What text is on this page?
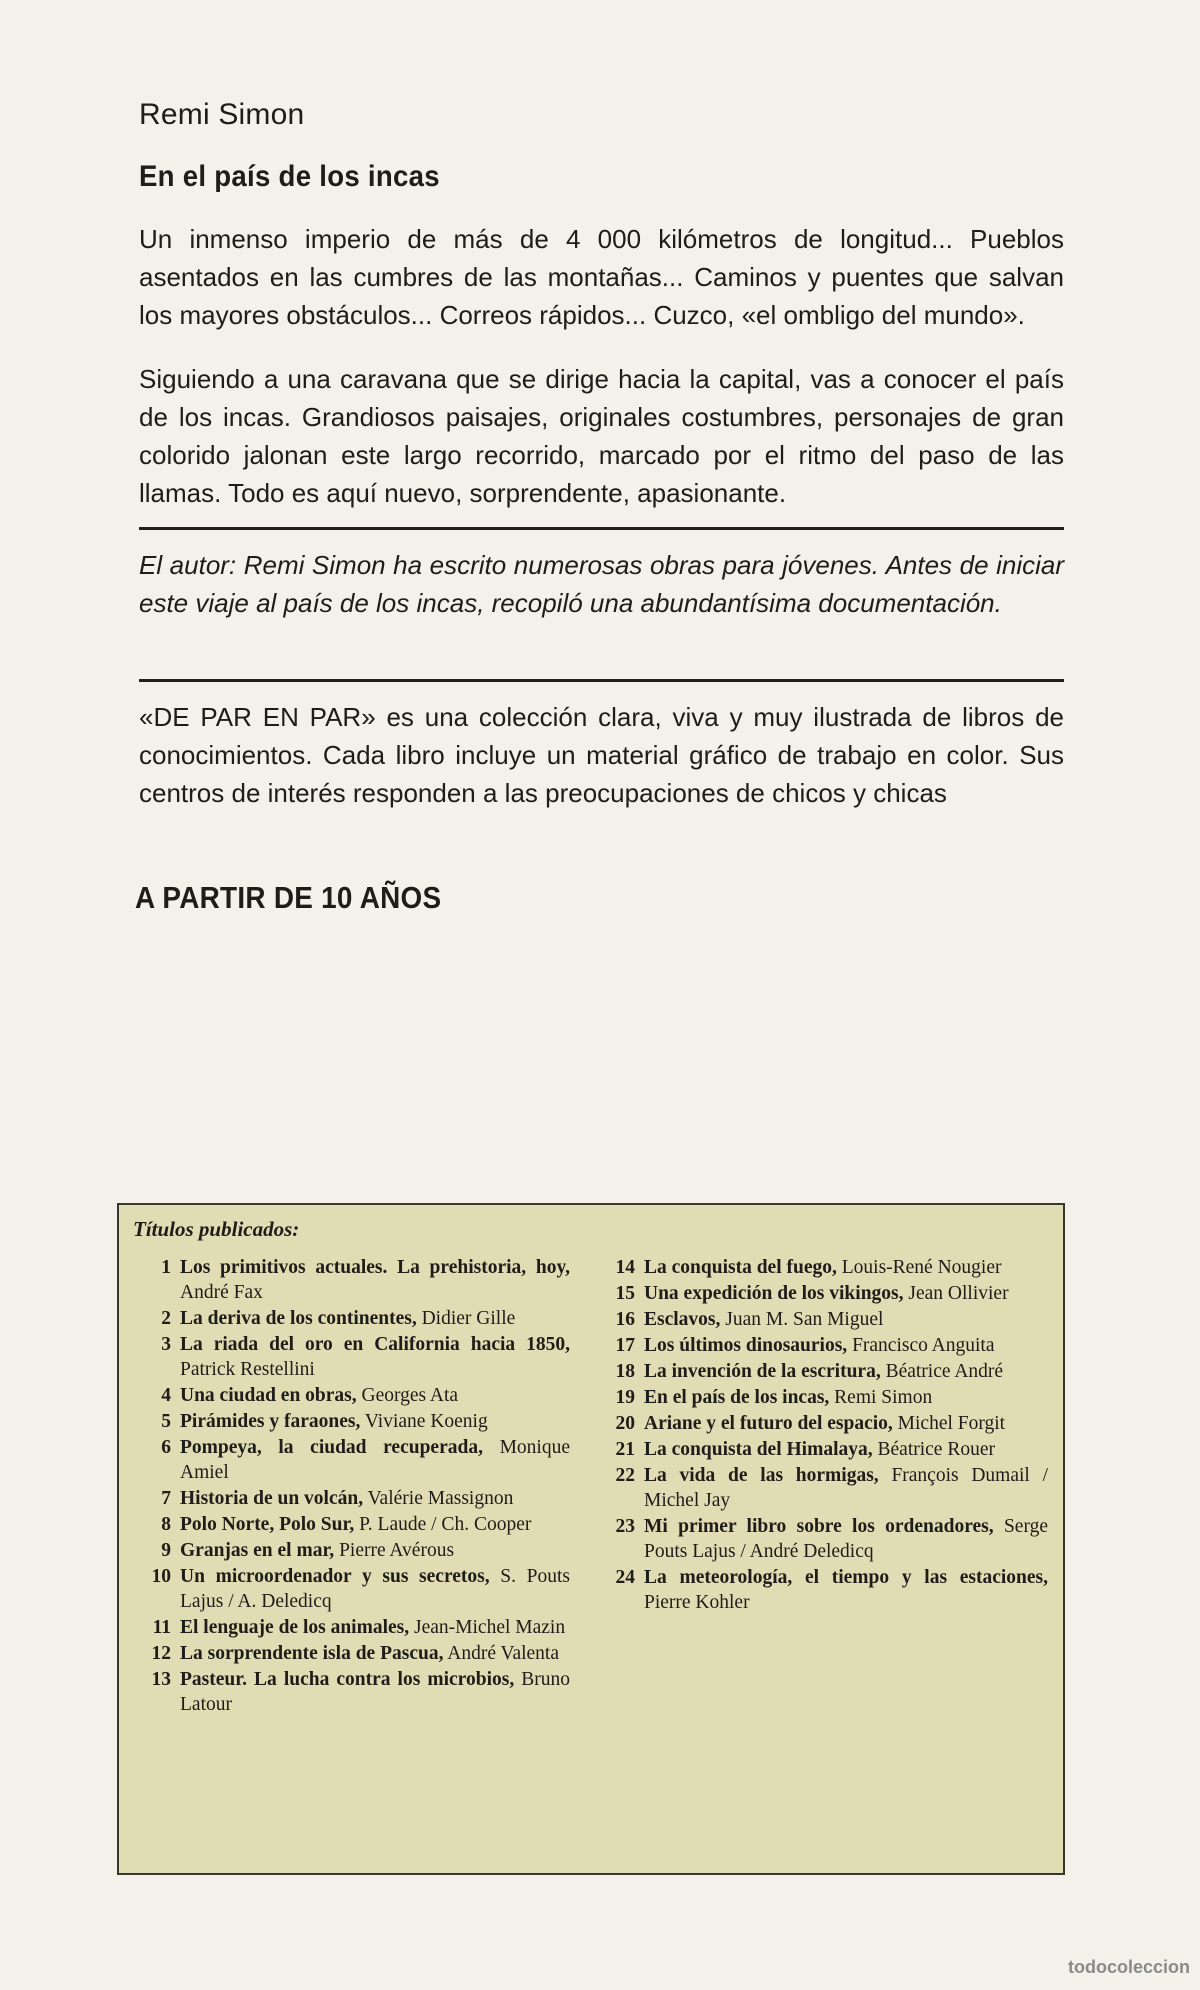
Remi Simon
En el país de los incas

Un inmenso imperio de más de 4 000 kilómetros de longitud... Pueblos asentados en las cumbres de las montañas... Caminos y puentes que salvan los mayores obstáculos... Correos rápidos... Cuzco, «el ombligo del mundo».

Siguiendo a una caravana que se dirige hacia la capital, vas a conocer el país de los incas. Grandiosos paisajes, originales costumbres, personajes de gran colorido jalonan este largo recorrido, marcado por el ritmo del paso de las llamas. Todo es aquí nuevo, sorprendente, apasionante.

El autor: Remi Simon ha escrito numerosas obras para jóvenes. Antes de iniciar este viaje al país de los incas, recopiló una abundantísima documentación.

«DE PAR EN PAR» es una colección clara, viva y muy ilustrada de libros de conocimientos. Cada libro incluye un material gráfico de trabajo en color. Sus centros de interés responden a las preocupaciones de chicos y chicas

A PARTIR DE 10 AÑOS
Títulos publicados:
1 Los primitivos actuales. La prehistoria, hoy, André Fax
2 La deriva de los continentes, Didier Gille
3 La riada del oro en California hacia 1850, Patrick Restellini
4 Una ciudad en obras, Georges Ata
5 Pirámides y faraones, Viviane Koenig
6 Pompeya, la ciudad recuperada, Monique Amiel
7 Historia de un volcán, Valérie Massignon
8 Polo Norte, Polo Sur, P. Laude / Ch. Cooper
9 Granjas en el mar, Pierre Avérous
10 Un microordenador y sus secretos, S. Pouts Lajus / A. Deledicq
11 El lenguaje de los animales, Jean-Michel Mazin
12 La sorprendente isla de Pascua, André Valenta
13 Pasteur. La lucha contra los microbios, Bruno Latour
14 La conquista del fuego, Louis-René Nougier
15 Una expedición de los vikingos, Jean Ollivier
16 Esclavos, Juan M. San Miguel
17 Los últimos dinosaurios, Francisco Anguita
18 La invención de la escritura, Béatrice André
19 En el país de los incas, Remi Simon
20 Ariane y el futuro del espacio, Michel Forgit
21 La conquista del Himalaya, Béatrice Rouer
22 La vida de las hormigas, François Dumail / Michel Jay
23 Mi primer libro sobre los ordenadores, Serge Pouts Lajus / André Deledicq
24 La meteorología, el tiempo y las estaciones, Pierre Kohler
todocoleccion
